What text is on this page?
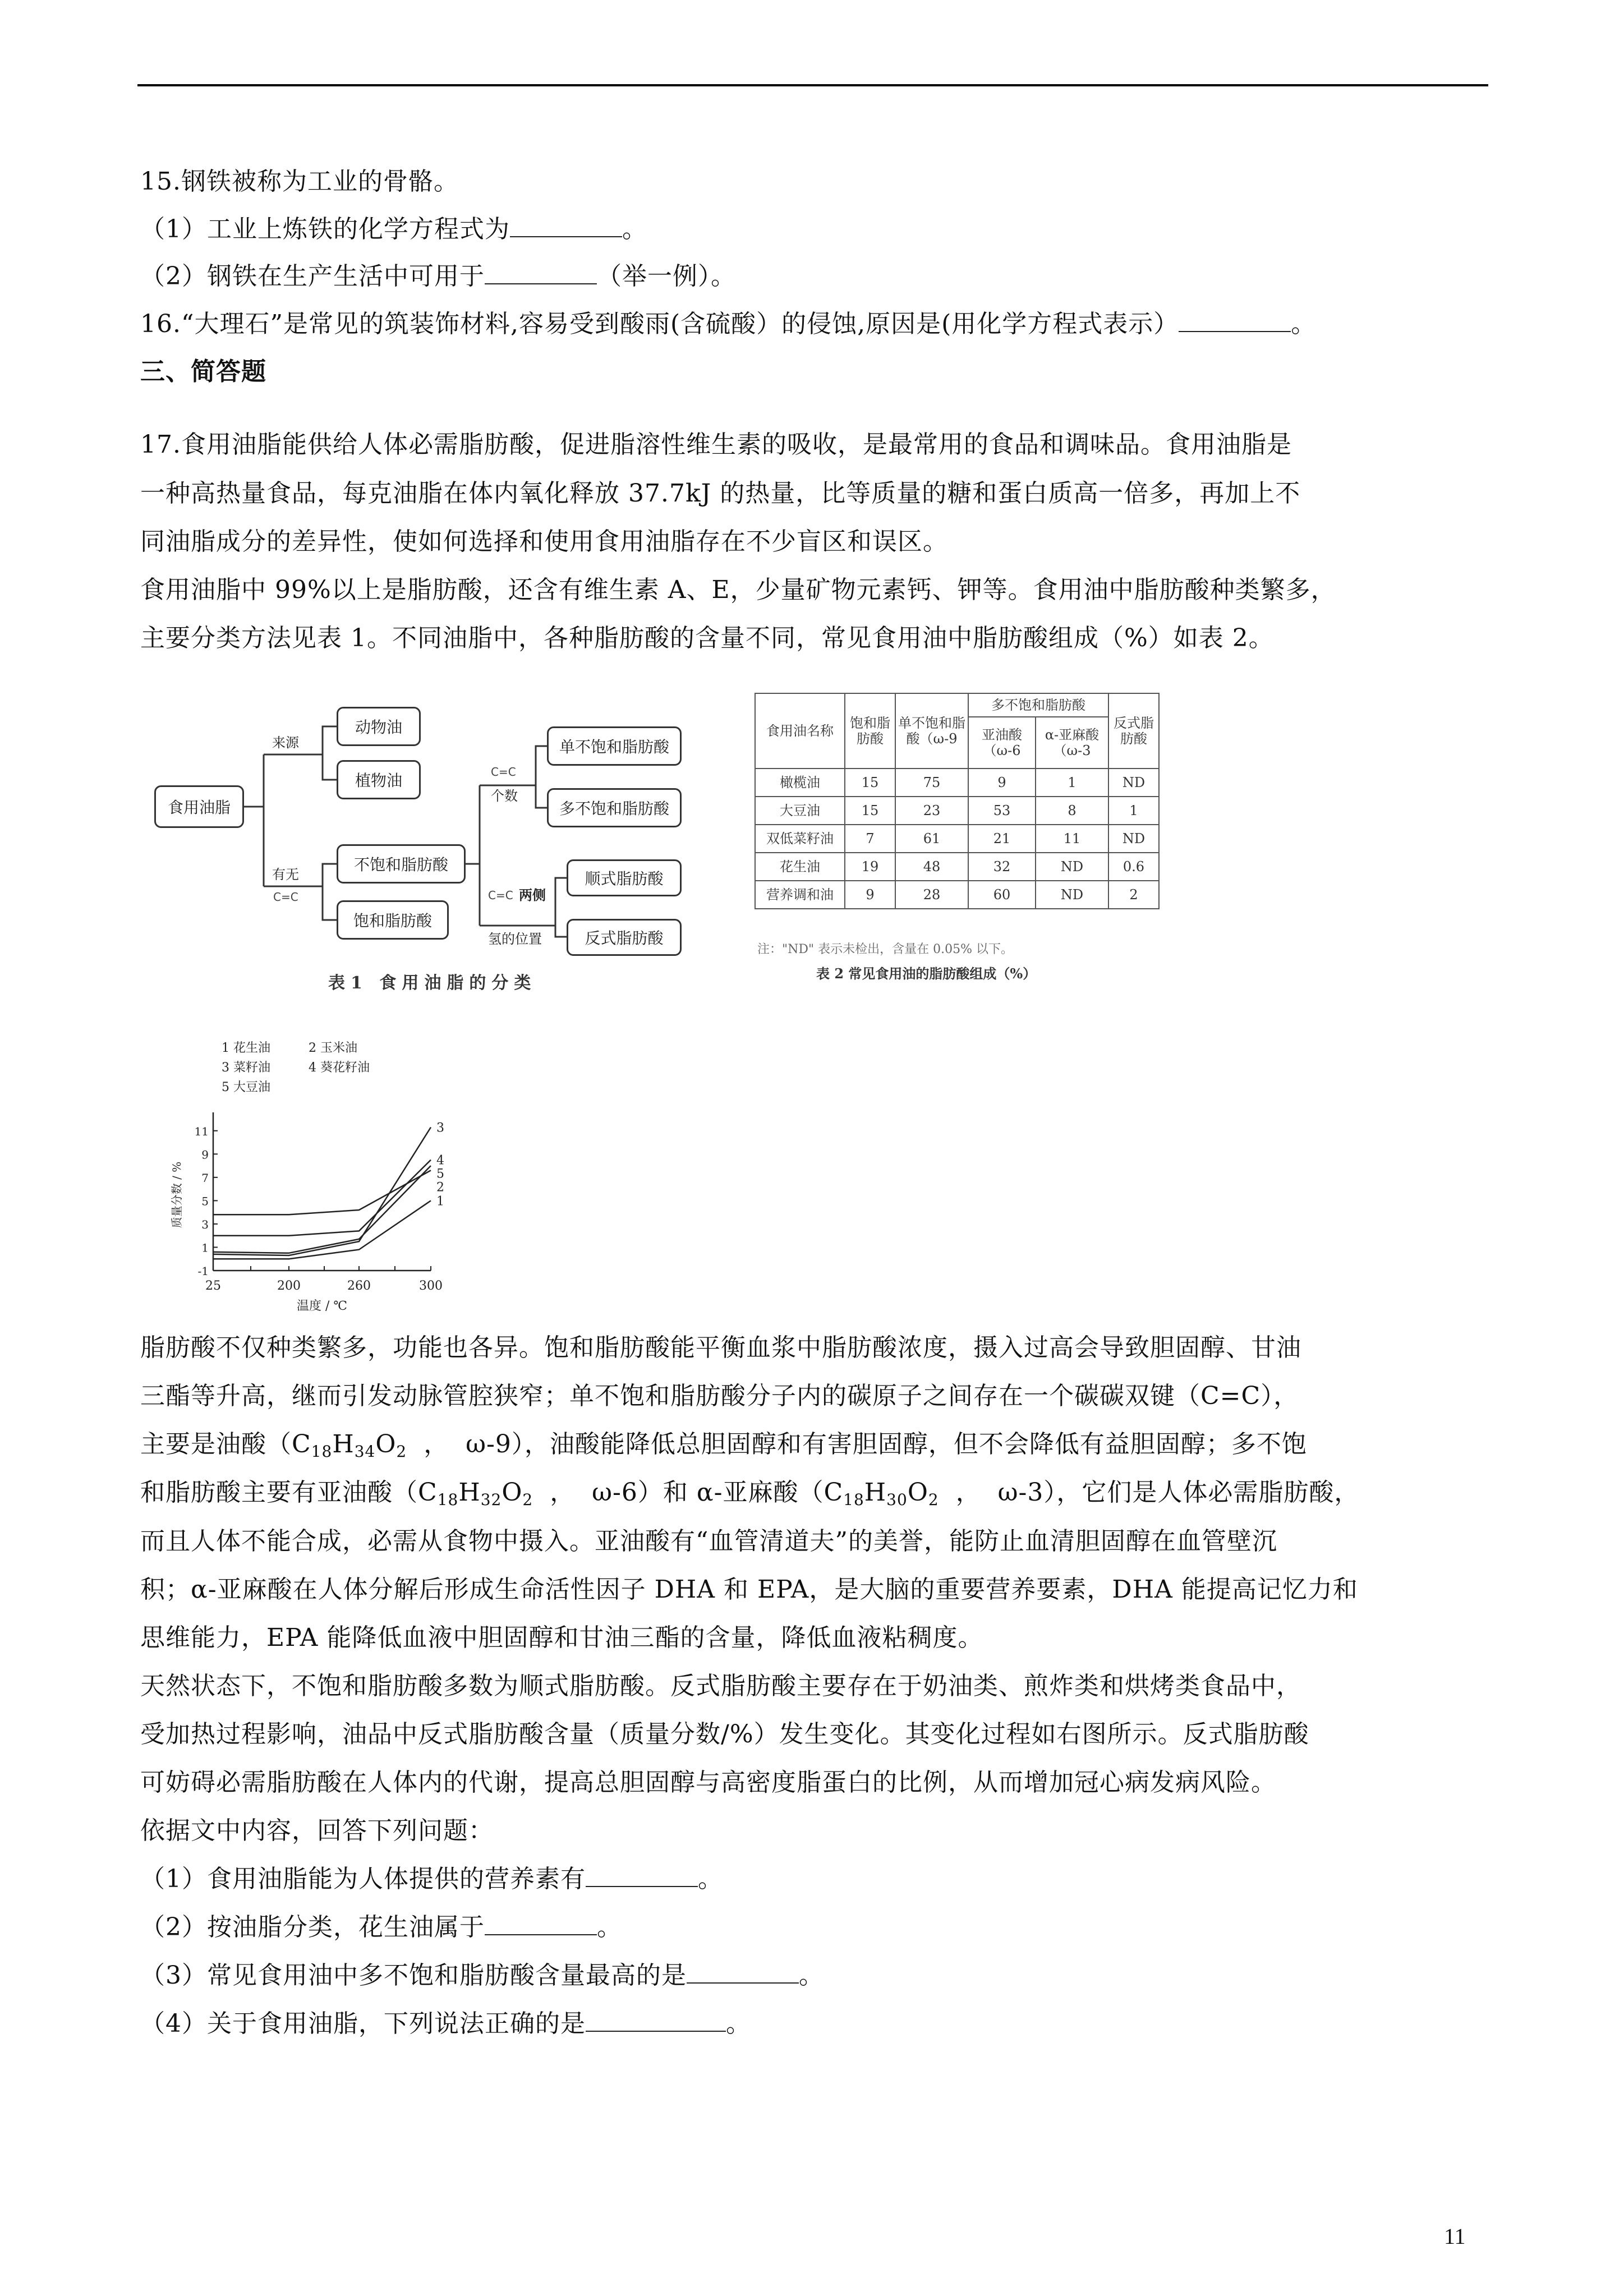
15.钢铁被称为工业的骨骼。
（1）工业上炼铁的化学方程式为	。
（2）钢铁在生产生活中可用于	（举一例）。
16.“大理石”是常见的筑装饰材料,容易受到酸雨(含硫酸）的侵蚀,原因是(用化学方程式表示）	。
三、简答题
17.食用油脂能供给人体必需脂肪酸，促进脂溶性维生素的吸收，是最常用的食品和调味品。食用油脂是
一种高热量食品，每克油脂在体内氧化释放 37.7kJ 的热量，比等质量的糖和蛋白质高一倍多，再加上不
同油脂成分的差异性，使如何选择和使用食用油脂存在不少盲区和误区。
食用油脂中 99%以上是脂肪酸，还含有维生素 A、E，少量矿物元素钙、钾等。食用油中脂肪酸种类繁多，
主要分类方法见表 1。不同油脂中，各种脂肪酸的含量不同，常见食用油中脂肪酸组成（%）如表 2。
食用油脂
来源
动物油
植物油
有无
C=C
不饱和脂肪酸
饱和脂肪酸
C=C
个数
单不饱和脂肪酸
多不饱和脂肪酸
C=C 两侧
氢的位置
顺式脂肪酸
反式脂肪酸
表1 食用油脂的分类
食用油名称	饱和脂肪酸	单不饱和脂酸（ω-9	多不饱和脂肪酸		反式脂肪酸
			亚油酸（ω-6	α-亚麻酸（ω-3	
橄榄油	15	75	9	1	ND
大豆油	15	23	53	8	1
双低菜籽油	7	61	21	11	ND
花生油	19	48	32	ND	0.6
营养调和油	9	28	60	ND	2
注："ND" 表示未检出，含量在 0.05% 以下。
表 2 常见食用油的脂肪酸组成（%）
-1
1
3
5
7
9
11
25	200	260	300
温度 / ℃
质量分数 / %
1 花生油	2 玉米油
3 菜籽油	4 葵花籽油
5 大豆油
3
4
5
2
1
脂肪酸不仅种类繁多，功能也各异。饱和脂肪酸能平衡血浆中脂肪酸浓度，摄入过高会导致胆固醇、甘油
三酯等升高，继而引发动脉管腔狭窄；单不饱和脂肪酸分子内的碳原子之间存在一个碳碳双键（C=C），
主要是油酸（$C_{18}H_{34}O_2$  ，  ω-9），油酸能降低总胆固醇和有害胆固醇，但不会降低有益胆固醇；多不饱
和脂肪酸主要有亚油酸（$C_{18}H_{32}O_2$  ，  ω-6）和 α-亚麻酸（$C_{18}H_{30}O_2$  ，  ω-3），它们是人体必需脂肪酸，
而且人体不能合成，必需从食物中摄入。亚油酸有“血管清道夫”的美誉，能防止血清胆固醇在血管壁沉
积；α-亚麻酸在人体分解后形成生命活性因子 DHA 和 EPA，是大脑的重要营养要素，DHA 能提高记忆力和
思维能力，EPA 能降低血液中胆固醇和甘油三酯的含量，降低血液粘稠度。
天然状态下，不饱和脂肪酸多数为顺式脂肪酸。反式脂肪酸主要存在于奶油类、煎炸类和烘烤类食品中，
受加热过程影响，油品中反式脂肪酸含量（质量分数/%）发生变化。其变化过程如右图所示。反式脂肪酸
可妨碍必需脂肪酸在人体内的代谢，提高总胆固醇与高密度脂蛋白的比例，从而增加冠心病发病风险。
依据文中内容，回答下列问题：
（1）食用油脂能为人体提供的营养素有	。
（2）按油脂分类，花生油属于	。
（3）常见食用油中多不饱和脂肪酸含量最高的是	。
（4）关于食用油脂，下列说法正确的是	。
11
